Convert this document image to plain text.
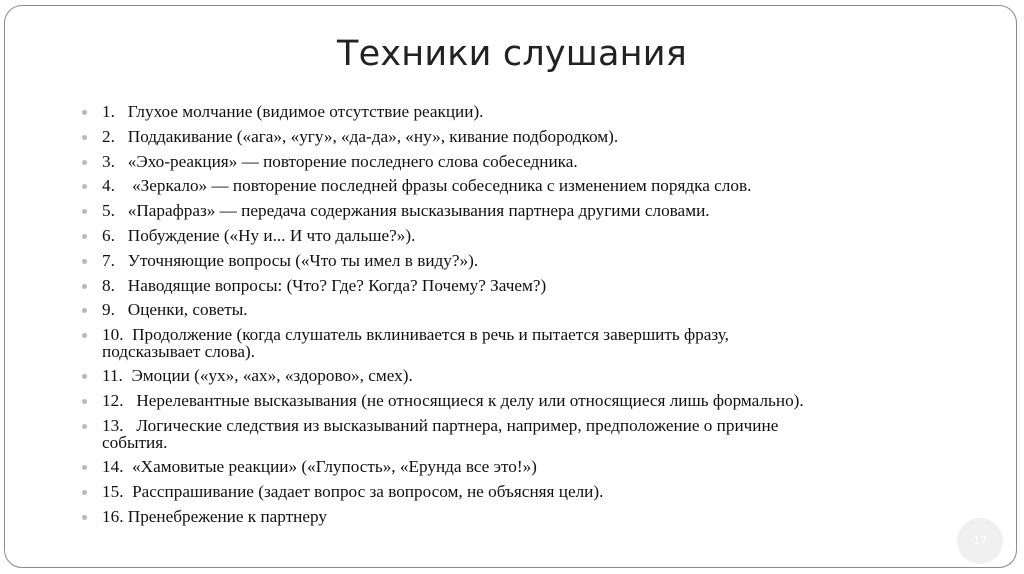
Техники слушания
1.   Глухое молчание (видимое отсутствие реакции).
2.   Поддакивание («ага», «угу», «да-да», «ну», кивание подбородком).
3.   «Эхо-реакция» — повторение последнего слова собеседника.
4.    «Зеркало» — повторение последней фразы собеседника с изменением порядка слов.
5.   «Парафраз» — передача содержания высказывания партнера другими словами.
6.   Побуждение («Ну и... И что дальше?»).
7.   Уточняющие вопросы («Что ты имел в виду?»).
8.   Наводящие вопросы: (Что? Где? Когда? Почему? Зачем?)
9.   Оценки, советы.
10.  Продолжение (когда слушатель вклинивается в речь и пытается завершить фразу,
подсказывает слова).
11.  Эмоции («ух», «ах», «здорово», смех).
12.   Нерелевантные высказывания (не относящиеся к делу или относящиеся лишь формально).
13.   Логические следствия из высказываний партнера, например, предположение о причине
события.
14.  «Хамовитые реакции» («Глупость», «Ерунда все это!»)
15.  Расспрашивание (задает вопрос за вопросом, не объясняя цели).
16. Пренебрежение к партнеру
17
